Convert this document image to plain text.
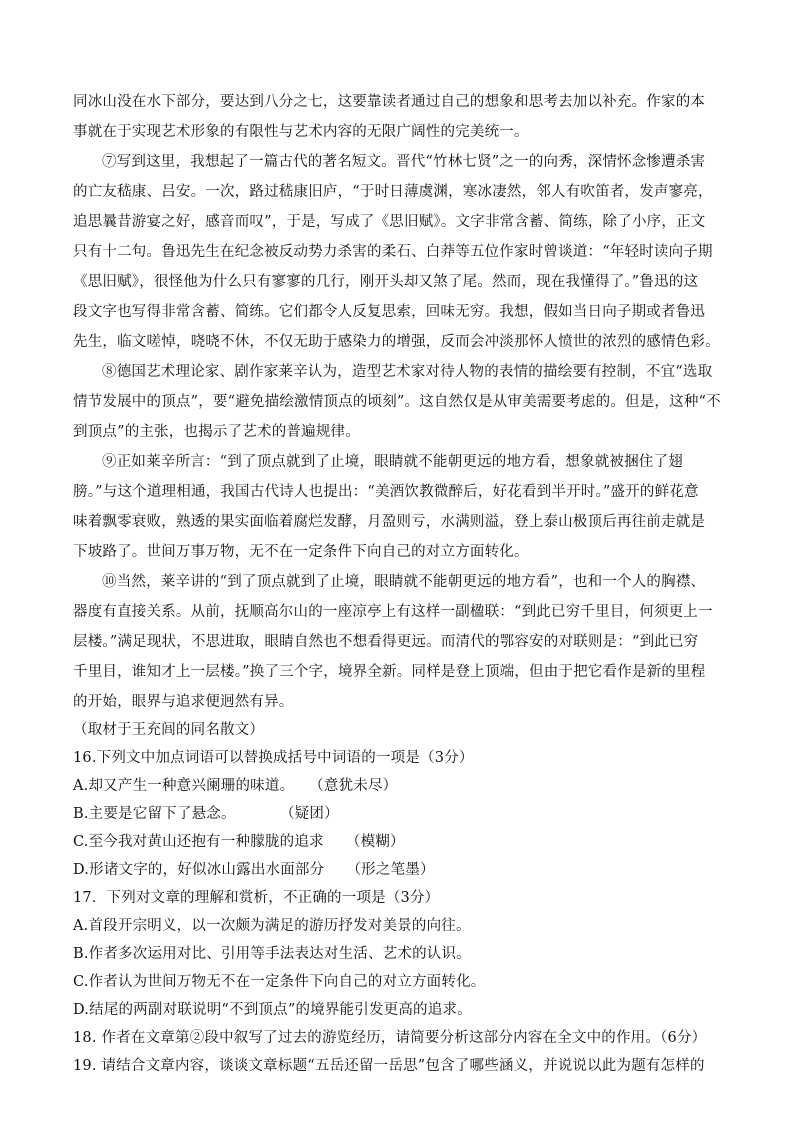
同冰山没在水下部分，要达到八分之七，这要靠读者通过自己的想象和思考去加以补充。作家的本
事就在于实现艺术形象的有限性与艺术内容的无限广阔性的完美统一。
⑦写到这里，我想起了一篇古代的著名短文。晋代“竹林七贤”之一的向秀，深情怀念惨遭杀害
的亡友嵇康、吕安。一次，路过嵇康旧庐，“于时日薄虞渊，寒冰凄然，邻人有吹笛者，发声寥亮，
追思曩昔游宴之好，感音而叹”，于是，写成了《思旧赋》。文字非常含蓄、简练，除了小序，正文
只有十二句。鲁迅先生在纪念被反动势力杀害的柔石、白莽等五位作家时曾谈道：“年轻时读向子期
《思旧赋》，很怪他为什么只有寥寥的几行，刚开头却又煞了尾。然而，现在我懂得了。”鲁迅的这
段文字也写得非常含蓄、简练。它们都令人反复思索，回味无穷。我想，假如当日向子期或者鲁迅
先生，临文嗟悼，哓哓不休，不仅无助于感染力的增强，反而会冲淡那怀人愤世的浓烈的感情色彩。
⑧德国艺术理论家、剧作家莱辛认为，造型艺术家对待人物的表情的描绘要有控制，不宜“选取
情节发展中的顶点”，要“避免描绘激情顶点的顷刻”。这自然仅是从审美需要考虑的。但是，这种“不
到顶点”的主张，也揭示了艺术的普遍规律。
⑨正如莱辛所言：“到了顶点就到了止境，眼睛就不能朝更远的地方看，想象就被捆住了翅
膀。”与这个道理相通，我国古代诗人也提出：“美酒饮教微醉后，好花看到半开时。”盛开的鲜花意
味着飘零衰败，熟透的果实面临着腐烂发酵，月盈则亏，水满则溢，登上泰山极顶后再往前走就是
下坡路了。世间万事万物，无不在一定条件下向自己的对立方面转化。
⑩当然，莱辛讲的“到了顶点就到了止境，眼睛就不能朝更远的地方看”，也和一个人的胸襟、
器度有直接关系。从前，抚顺高尔山的一座凉亭上有这样一副楹联：“到此已穷千里目，何须更上一
层楼。”满足现状，不思进取，眼睛自然也不想看得更远。而清代的鄂容安的对联则是：“到此已穷
千里目，谁知才上一层楼。”换了三个字，境界全新。同样是登上顶端，但由于把它看作是新的里程
的开始，眼界与追求便迥然有异。
（取材于王充闾的同名散文）
16.下列文中加点词语可以替换成括号中词语的一项是（3分）
A.却又产生一种意兴阑珊的味道。　　（意犹未尽）
B.主要是它留下了悬念。　　　　（疑团）
C.至今我对黄山还抱有一种朦胧的追求　　（模糊）
D.形诸文字的，好似冰山露出水面部分　　（形之笔墨）
17．下列对文章的理解和赏析，不正确的一项是（3分）
A.首段开宗明义，以一次颇为满足的游历抒发对美景的向往。
B.作者多次运用对比、引用等手法表达对生活、艺术的认识。
C.作者认为世间万物无不在一定条件下向自己的对立方面转化。
D.结尾的两副对联说明“不到顶点”的境界能引发更高的追求。
18. 作者在文章第②段中叙写了过去的游览经历，请简要分析这部分内容在全文中的作用。（6分）
19. 请结合文章内容，谈谈文章标题“五岳还留一岳思”包含了哪些涵义，并说说以此为题有怎样的
